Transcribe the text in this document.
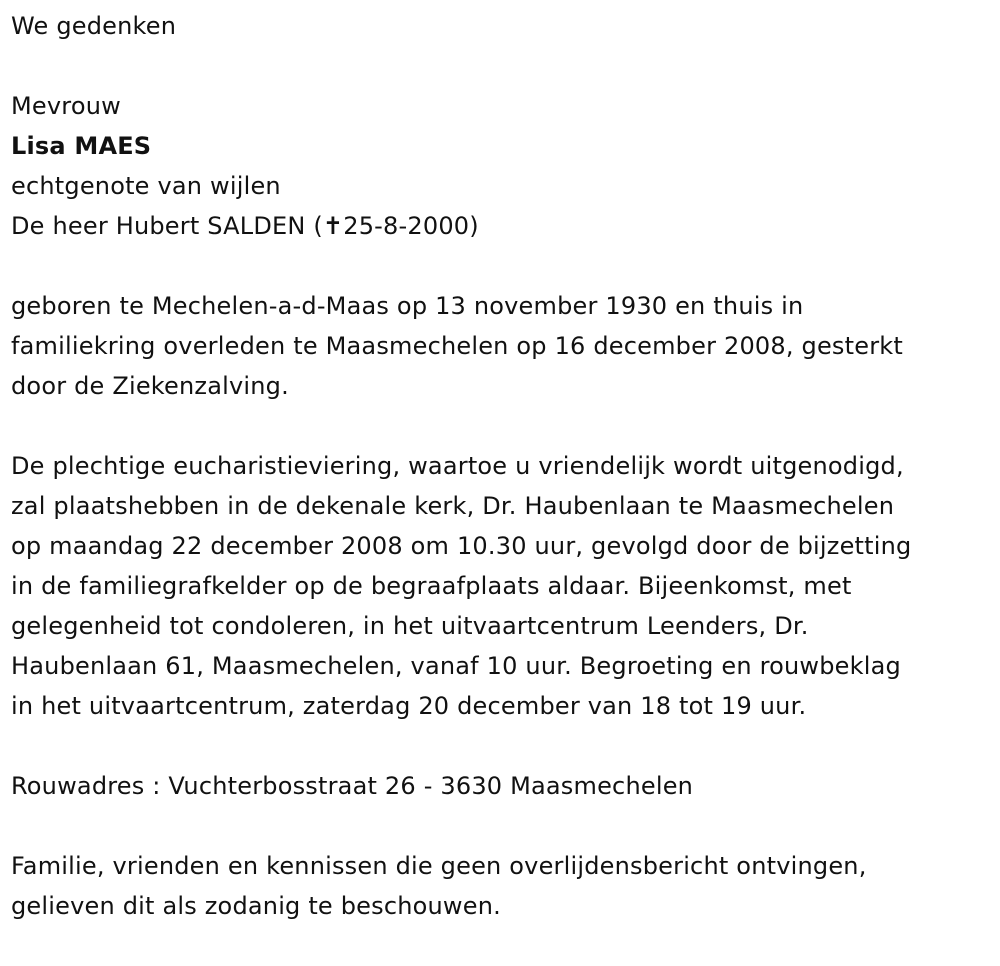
We gedenken
Mevrouw
Lisa MAES
echtgenote van wijlen
De heer Hubert SALDEN (✝25-8-2000)

geboren te Mechelen-a-d-Maas op 13 november 1930 en thuis in
familiekring overleden te Maasmechelen op 16 december 2008, gesterkt
door de Ziekenzalving.

De plechtige eucharistieviering, waartoe u vriendelijk wordt uitgenodigd,
zal plaatshebben in de dekenale kerk, Dr. Haubenlaan te Maasmechelen
op maandag 22 december 2008 om 10.30 uur, gevolgd door de bijzetting
in de familiegrafkelder op de begraafplaats aldaar. Bijeenkomst, met
gelegenheid tot condoleren, in het uitvaartcentrum Leenders, Dr.
Haubenlaan 61, Maasmechelen, vanaf 10 uur. Begroeting en rouwbeklag
in het uitvaartcentrum, zaterdag 20 december van 18 tot 19 uur.

Rouwadres : Vuchterbosstraat 26 - 3630 Maasmechelen

Familie, vrienden en kennissen die geen overlijdensbericht ontvingen,
gelieven dit als zodanig te beschouwen.
